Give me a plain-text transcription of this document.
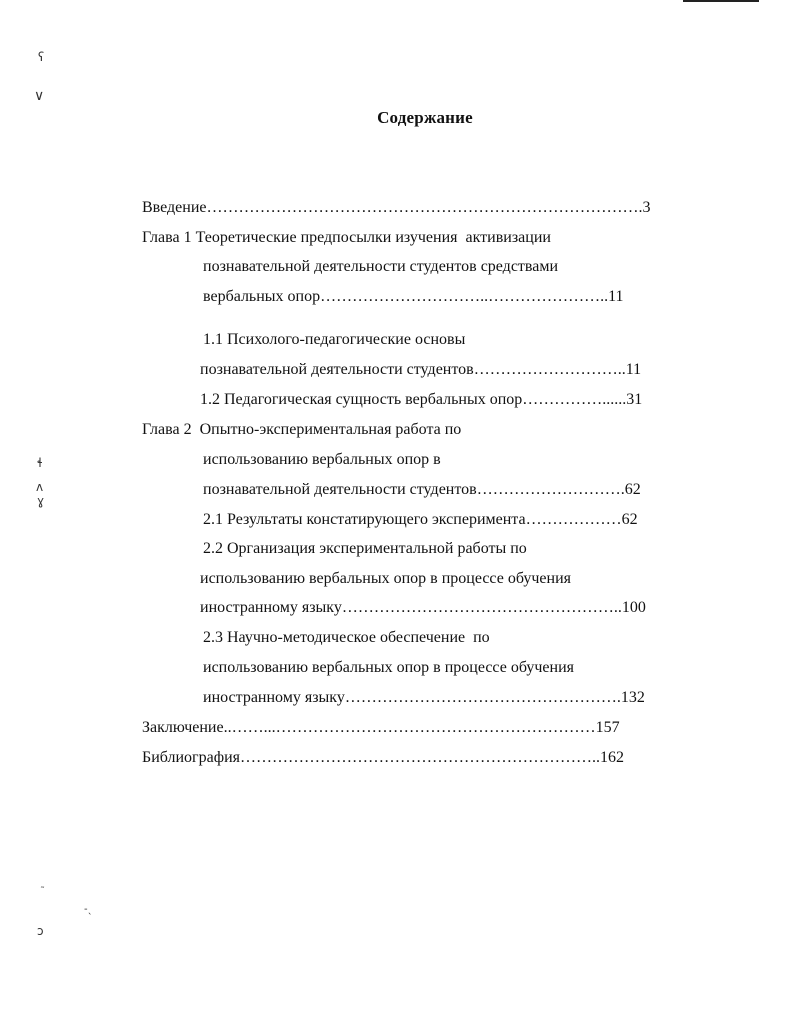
ʕ
∨
ɬ
ʌ
ɣ
˜
-ˎ
ɔ
Содержание
Введение……………………………………………………………………….3
Глава 1 Теоретические предпосылки изучения  активизации
познавательной деятельности студентов средствами
вербальных опор…………………………..…………………..11
1.1 Психолого-педагогические основы
познавательной деятельности студентов………………………..11
1.2 Педагогическая сущность вербальных опор……………......31
Глава 2  Опытно-экспериментальная работа по
использованию вербальных опор в
познавательной деятельности студентов……………………….62
2.1 Результаты констатирующего эксперимента………………62
2.2 Организация экспериментальной работы по
использованию вербальных опор в процессе обучения
иностранному языку……………………………………………..100
2.3 Научно-методическое обеспечение  по
использованию вербальных опор в процессе обучения
иностранному языку…………………………………………….132
Заключение..……...……………………………………………………157
Библиография…………………………………………………………..162
